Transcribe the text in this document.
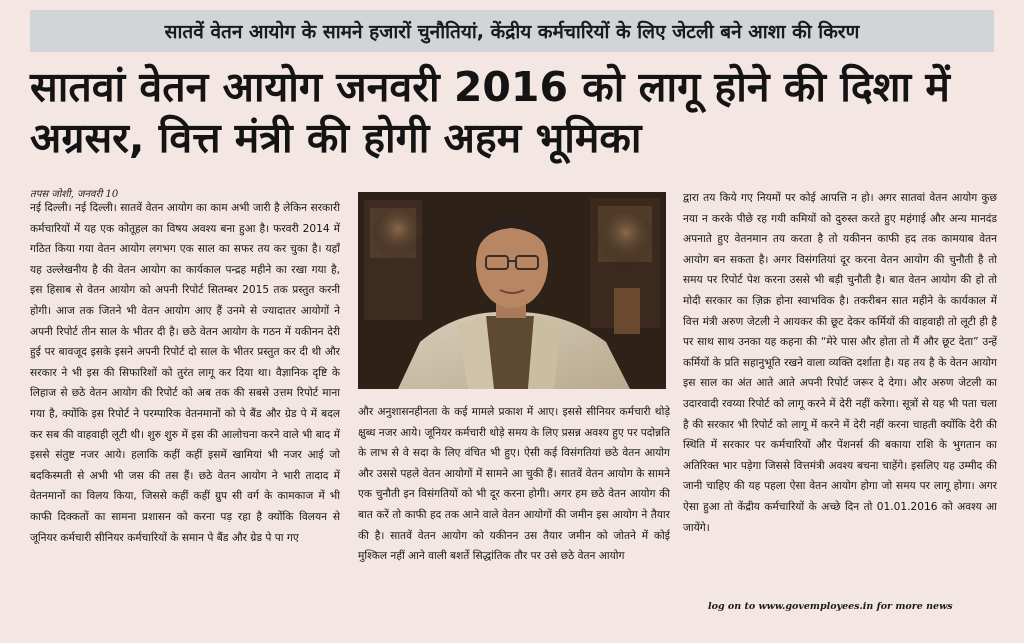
सातवें वेतन आयोग के सामने हजारों चुनौतियां, केंद्रीय कर्मचारियों के लिए जेटली बने आशा की किरण
सातवां वेतन आयोग जनवरी 2016 को लागू होने की दिशा में अग्रसर, वित्त मंत्री की होगी अहम भूमिका
तपस जोशी, जनवरी 10

नई दिल्ली। नई दिल्ली। सातवें वेतन आयोग का काम अभी जारी है लेकिन सरकारी कर्मचारियों में यह एक कोतूहल का विषय अवश्य बना हुआ है। फरवरी 2014 में गठित किया गया वेतन आयोग लगभग एक साल का सफर तय कर चुका है। यहाँ यह उल्लेखनीय है की वेतन आयोग का कार्यकाल पन्द्रह महीने का रखा गया है, इस हिसाब से वेतन आयोग को अपनी रिपोर्ट सितम्बर 2015 तक प्रस्तुत करनी होगी। आज तक जितने भी वेतन आयोग आए हैं उनमे से ज्यादातर आयोगों ने अपनी रिपोर्ट तीन साल के भीतर दी है। छठे वेतन आयोग के गठन में यकीनन देरी हुई पर बावजूद इसके इसने अपनी रिपोर्ट दो साल के भीतर प्रस्तुत कर दी थी और सरकार ने भी इस की सिफारिशों को तुरंत लागू कर दिया था। वैज्ञानिक दृष्टि के लिहाज से छठे वेतन आयोग की रिपोर्ट को अब तक की सबसे उत्तम रिपोर्ट माना गया है, क्योंकि इस रिपोर्ट ने परम्पारिक वेतनमानों को पे बैंड और ग्रेड पे में बदल कर सब की वाहवाही लूटी थी। शुरु शुरु में इस की आलोचना करने वाले भी बाद में इससे संतुष्ट नजर आये। हलाकि कहीं कहीं इसमें खामियां भी नजर आई जो बदकिस्मती से अभी भी जस की तस हैं। छठे वेतन आयोग ने भारी तादाद में वेतनमानों का विलय किया, जिससे कहीं कहीं ग्रुप सी वर्ग के कामकाज में भी काफी दिक्कतों का सामना प्रशासन को करना पड़ रहा है क्योंकि विलयन से जूनियर कर्मचारी सीनियर कर्मचारियों के समान पे बैंड और ग्रेड पे पा गए

और अनुशासनहीनता के कई मामले प्रकाश में आए। इससे सीनियर कर्मचारी थोड़े क्षुब्ध नजर आये। जूनियर कर्मचारी थोड़े समय के लिए प्रसन्न अवश्य हुए पर पदोन्नति के लाभ से वे सदा के लिए वंचित भी हुए। ऐसी कई विसंगतियां छठे वेतन आयोग और उससे पहले वेतन आयोगों में सामने आ चुकी हैं। सातवें वेतन आयोग के सामने एक चुनौती इन विसंगतियों को भी दूर करना होगी। अगर हम छठे वेतन आयोग की बात करें तो काफी हद तक आने वाले वेतन आयोगों की जमीन इस आयोग ने तैयार की है। सातवें वेतन आयोग को यकीनन उस तैयार जमीन को जोतने में कोई मुश्किल नहीं आने वाली बशर्ते सिद्धांतिक तौर पर उसे छठे वेतन आयोग

द्वारा तय किये गए नियमों पर कोई आपत्ति न हो। अगर सातवां वेतन आयोग कुछ नया न करके पीछे रह गयी कमियों को दुरुस्त करते हुए महंगाई और अन्य मानदंड अपनाते हुए वेतनमान तय करता है तो यकीनन काफी हद तक कामयाब वेतन आयोग बन सकता है। अगर विसंगतियां दूर करना वेतन आयोग की चुनौती है तो समय पर रिपोर्ट पेश करना उससे भी बड़ी चुनौती है। बात वेतन आयोग की हो तो मोदी सरकार का ज़िक्र होना स्वाभविक है। तकरीबन सात महीने के कार्यकाल में वित्त मंत्री अरुण जेटली ने आयकर की छूट देकर कर्मियों की वाहवाही तो लूटी ही है पर साथ साथ उनका यह कहना की “मेरे पास और होता तो मैं और छूट देता” उन्हें कर्मियों के प्रति सहानुभूति रखने वाला व्यक्ति दर्शाता है। यह तय है के वेतन आयोग इस साल का अंत आते आते अपनी रिपोर्ट जरूर दे देगा। और अरुण जेटली का उदारवादी रवय्या रिपोर्ट को लागू करने में देरी नहीं करेगा। सूत्रों से यह भी पता चला है की सरकार भी रिपोर्ट को लागू में करने में देरी नहीं करना चाहती क्योंकि देरी की स्थिति में सरकार पर कर्मचारियों और पेंशनर्स की बकाया राशि के भुगतान का अतिरिक्त भार पड़ेगा जिससे वित्तमंत्री अवश्य बचना चाहेंगे। इसलिए यह उम्मीद की जानी चाहिए की यह पहला ऐसा वेतन आयोग होगा जो समय पर लागू होगा। अगर ऐसा हुआ तो केंद्रीय कर्मचारियों के अच्छे दिन तो 01.01.2016 को अवश्य आ जायेंगे।

log on to www.govemployees.in for more news
